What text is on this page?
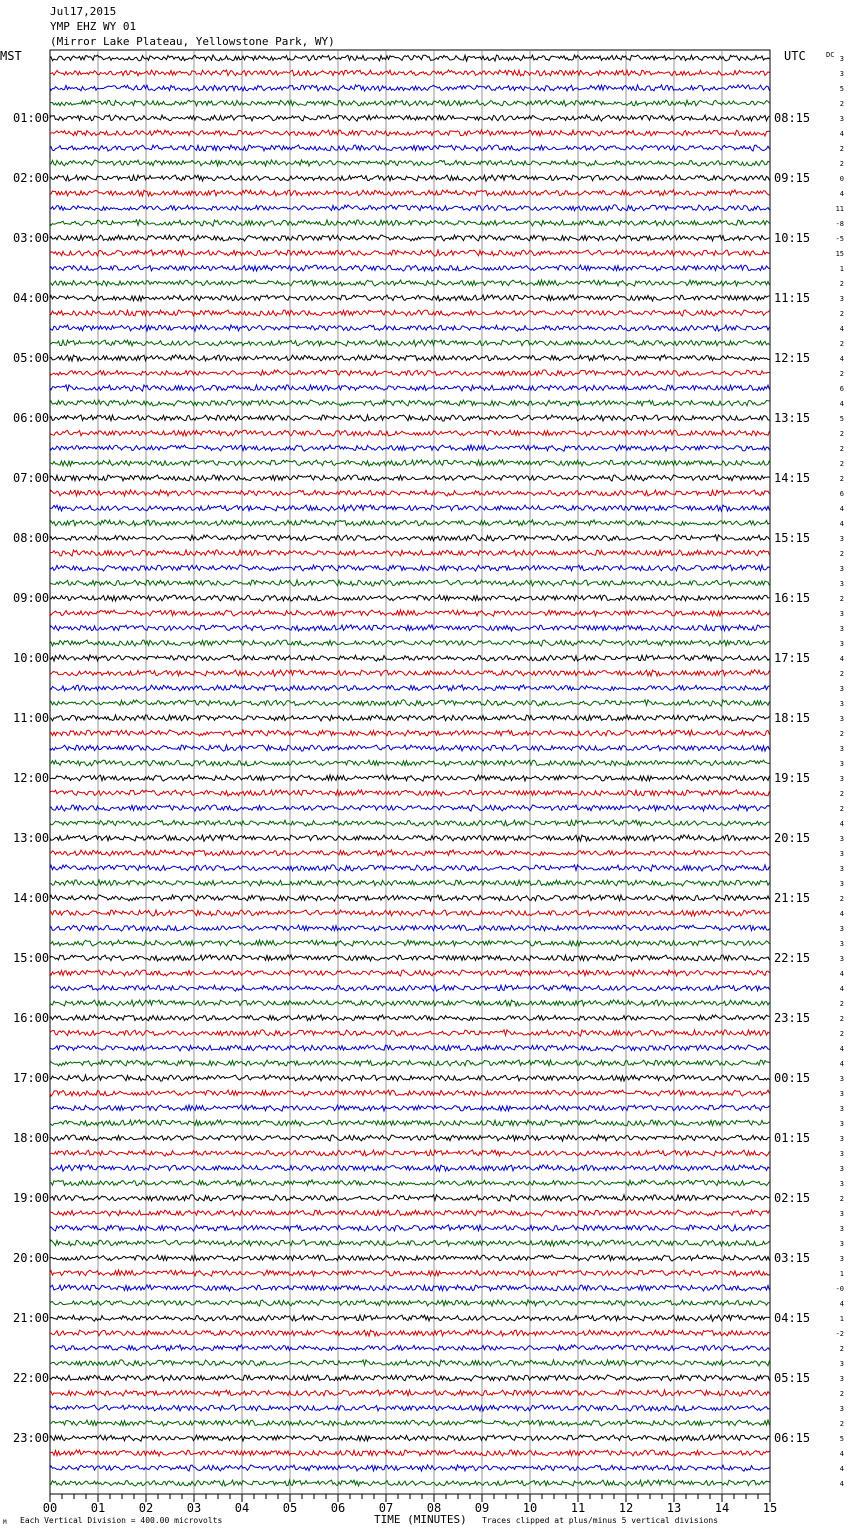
Jul17,2015
YMP EHZ WY 01
(Mirror Lake Plateau, Yellowstone Park, WY)
MST	UTC	DC
01:00
02:00
03:00
04:00
05:00
06:00
07:00
08:00
09:00
10:00
11:00
12:00
13:00
14:00
15:00
16:00
17:00
18:00
19:00
20:00
21:00
22:00
23:00
08:15
09:15
10:15
11:15
12:15
13:15
14:15
15:15
16:15
17:15
18:15
19:15
20:15
21:15
22:15
23:15
00:15
01:15
02:15
03:15
04:15
05:15
06:15
3
3
5
2
3
4
2
2
0
4
11
-8
-5
15
1
2
3
2
4
2
4
2
6
4
5
2
2
2
2
6
4
4
3
2
3
3
2
3
3
3
4
2
3
3
3
2
3
3
3
2
2
4
3
3
3
3
2
4
3
3
3
4
4
2
2
2
4
4
3
3
3
3
3
3
3
3
2
3
3
3
3
1
-0
4
1
-2
2
3
3
2
3
2
5
4
4
4
00	01	02	03	04	05	06	07	08	09	10	11	12	13	14	15
M Each Vertical Division = 400.00 microvolts	TIME (MINUTES) Traces clipped at plus/minus 5 vertical divisions
